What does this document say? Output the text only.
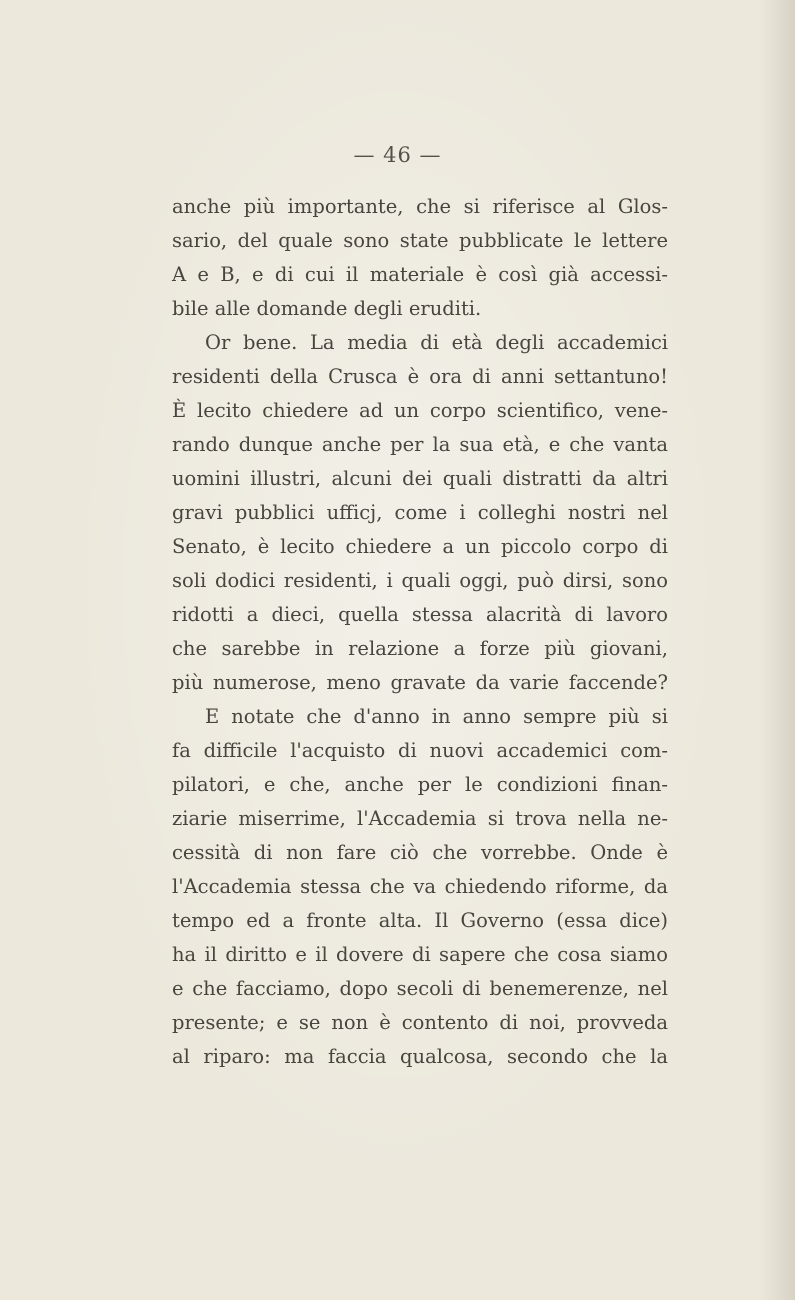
— 46 —
anche più importante, che si riferisce al Glos-
sario, del quale sono state pubblicate le lettere
A e B, e di cui il materiale è così già accessi-
bile alle domande degli eruditi.
Or bene. La media di età degli accademici
residenti della Crusca è ora di anni settantuno!
È lecito chiedere ad un corpo scientifico, vene-
rando dunque anche per la sua età, e che vanta
uomini illustri, alcuni dei quali distratti da altri
gravi pubblici ufficj, come i colleghi nostri nel
Senato, è lecito chiedere a un piccolo corpo di
soli dodici residenti, i quali oggi, può dirsi, sono
ridotti a dieci, quella stessa alacrità di lavoro
che sarebbe in relazione a forze più giovani,
più numerose, meno gravate da varie faccende?
E notate che d'anno in anno sempre più si
fa difficile l'acquisto di nuovi accademici com-
pilatori, e che, anche per le condizioni finan-
ziarie miserrime, l'Accademia si trova nella ne-
cessità di non fare ciò che vorrebbe. Onde è
l'Accademia stessa che va chiedendo riforme, da
tempo ed a fronte alta. Il Governo (essa dice)
ha il diritto e il dovere di sapere che cosa siamo
e che facciamo, dopo secoli di benemerenze, nel
presente; e se non è contento di noi, provveda
al riparo: ma faccia qualcosa, secondo che la
